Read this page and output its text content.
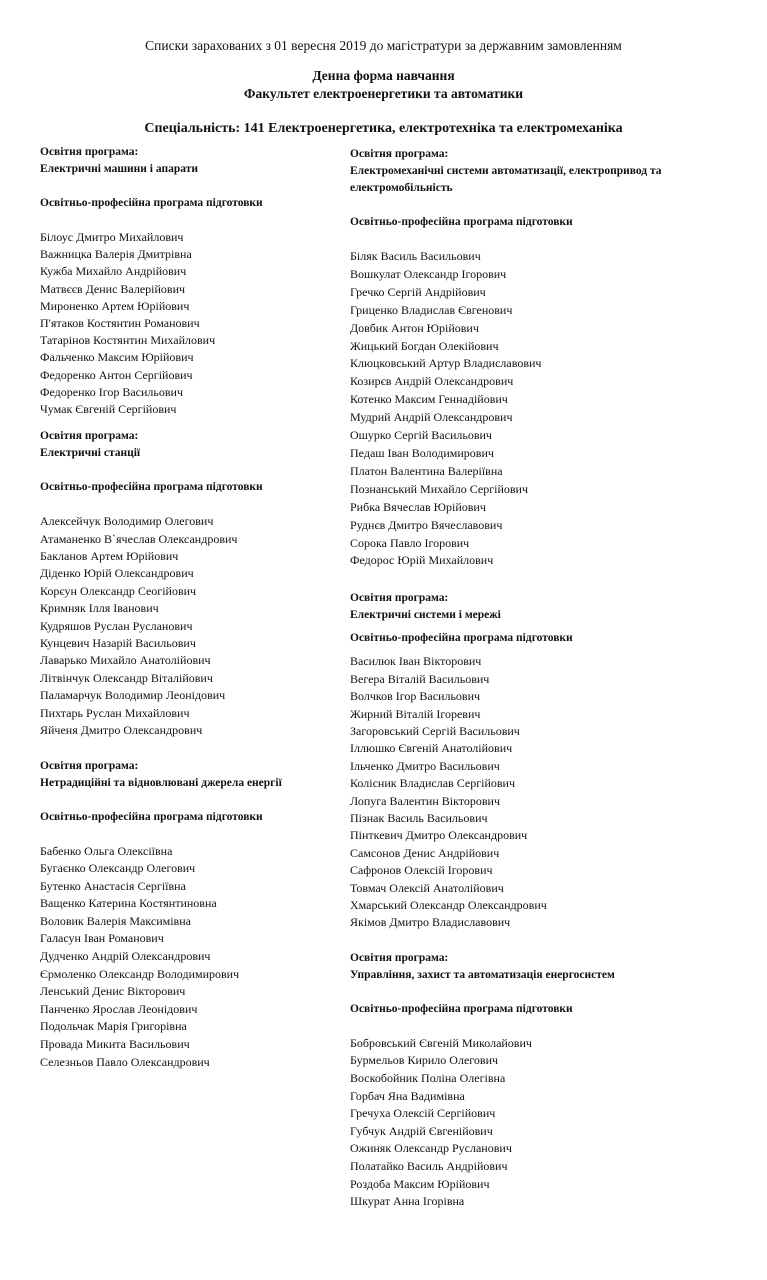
Списки зарахованих з 01 вересня 2019 до магістратури за державним замовленням

Денна форма навчання

Факультет електроенергетики та автоматики

Спеціальність: 141 Електроенергетика, електротехніка та електромеханіка

Освітня програма:

Електричні машини і апарати

Освітньо-професійна програма підготовки

Білоус Дмитро Михайлович
Важницка Валерія Дмитрівна
Кужба Михайло Андрійович
Матвєєв Денис Валерійович
Мироненко Артем Юрійович
П'ятаков Костянтин Романович
Татарінов Костянтин Михайлович
Фальченко Максим Юрійович
Федоренко Антон Сергійович
Федоренко Ігор Васильович
Чумак Євгеній Сергійович

Освітня програма:

Електричні станції

Освітньо-професійна програма підготовки

Алексейчук Володимир Олегович
Атаманенко В`ячеслав Олександрович
Бакланов Артем Юрійович
Діденко Юрій Олександрович
Корєун Олександр Сеогійович
Кримняк Ілля Іванович
Кудряшов Руслан Русланович
Кунцевич Назарій Васильович
Лаварько Михайло Анатолійович
Літвінчук Олександр Віталійович
Паламарчук Володимир Леонідович
Пихтарь Руслан Михайлович
Яйченя Дмитро Олександрович

Освітня програма:

Нетрадиційні та відновлювані джерела енергії

Освітньо-професійна програма підготовки

Бабенко Ольга Олексіївна
Бугаєнко Олександр Олегович
Бутенко Анастасія Сергіївна
Ващенко Катерина Костянтиновна
Воловик Валерія Максимівна
Галасун Іван Романович
Дудченко Андрій Олександрович
Єрмоленко Олександр Володимирович
Ленський Денис Вікторович
Панченко Ярослав Леонідович
Подольчак Марія Григорівна
Провада Микита Васильович
Селезньов Павло Олександрович

Освітня програма:

Електромеханічні системи автоматизації, електропривод та електромобільність

Освітньо-професійна програма підготовки

Біляк Василь Васильович
Вошкулат Олександр Ігорович
Гречко Сергій Андрійович
Гриценко Владислав Євгенович
Довбик Антон Юрійович
Жицький Богдан Олекійович
Клюцковський Артур Владиславович
Козирєв Андрій Олександрович
Котенко Максим Геннадійович
Мудрий Андрій Олександрович
Ошурко Сергій Васильович
Педаш Іван Володимирович
Платон Валентина Валеріївна
Познанський Михайло Сергійович
Рибка Вячеслав Юрійович
Руднєв Дмитро Вячеславович
Сорока Павло Ігорович
Федорос Юрій Михайлович

Освітня програма:

Електричні системи і мережі

Освітньо-професійна програма підготовки

Василюк Іван Вікторович
Вегера Віталій Васильович
Волчков Ігор Васильович
Жирний Віталій Ігоревич
Загоровський Сергій Васильович
Іллюшко Євгеній Анатолійович
Ільченко Дмитро Васильович
Колісник Владислав Сергійович
Лопуга Валентин Вікторович
Пізнак Василь Васильович
Пінткевич Дмитро Олександрович
Самсонов Денис Андрійович
Сафронов Олексій Ігорович
Товмач Олексій Анатолійович
Хмарський Олександр Олександрович
Якімов Дмитро Владиславович

Освітня програма:

Управління, захист та автоматизація енергосистем

Освітньо-професійна програма підготовки

Бобровський Євгеній Миколайович
Бурмельов Кирило Олегович
Воскобойник Поліна Олегівна
Горбач Яна Вадимівна
Гречуха Олексій Сергійович
Губчук Андрій Євгенійович
Ожиняк Олександр Русланович
Полатайко Василь Андрійович
Роздоба Максим Юрійович
Шкурат Анна Ігорівна
